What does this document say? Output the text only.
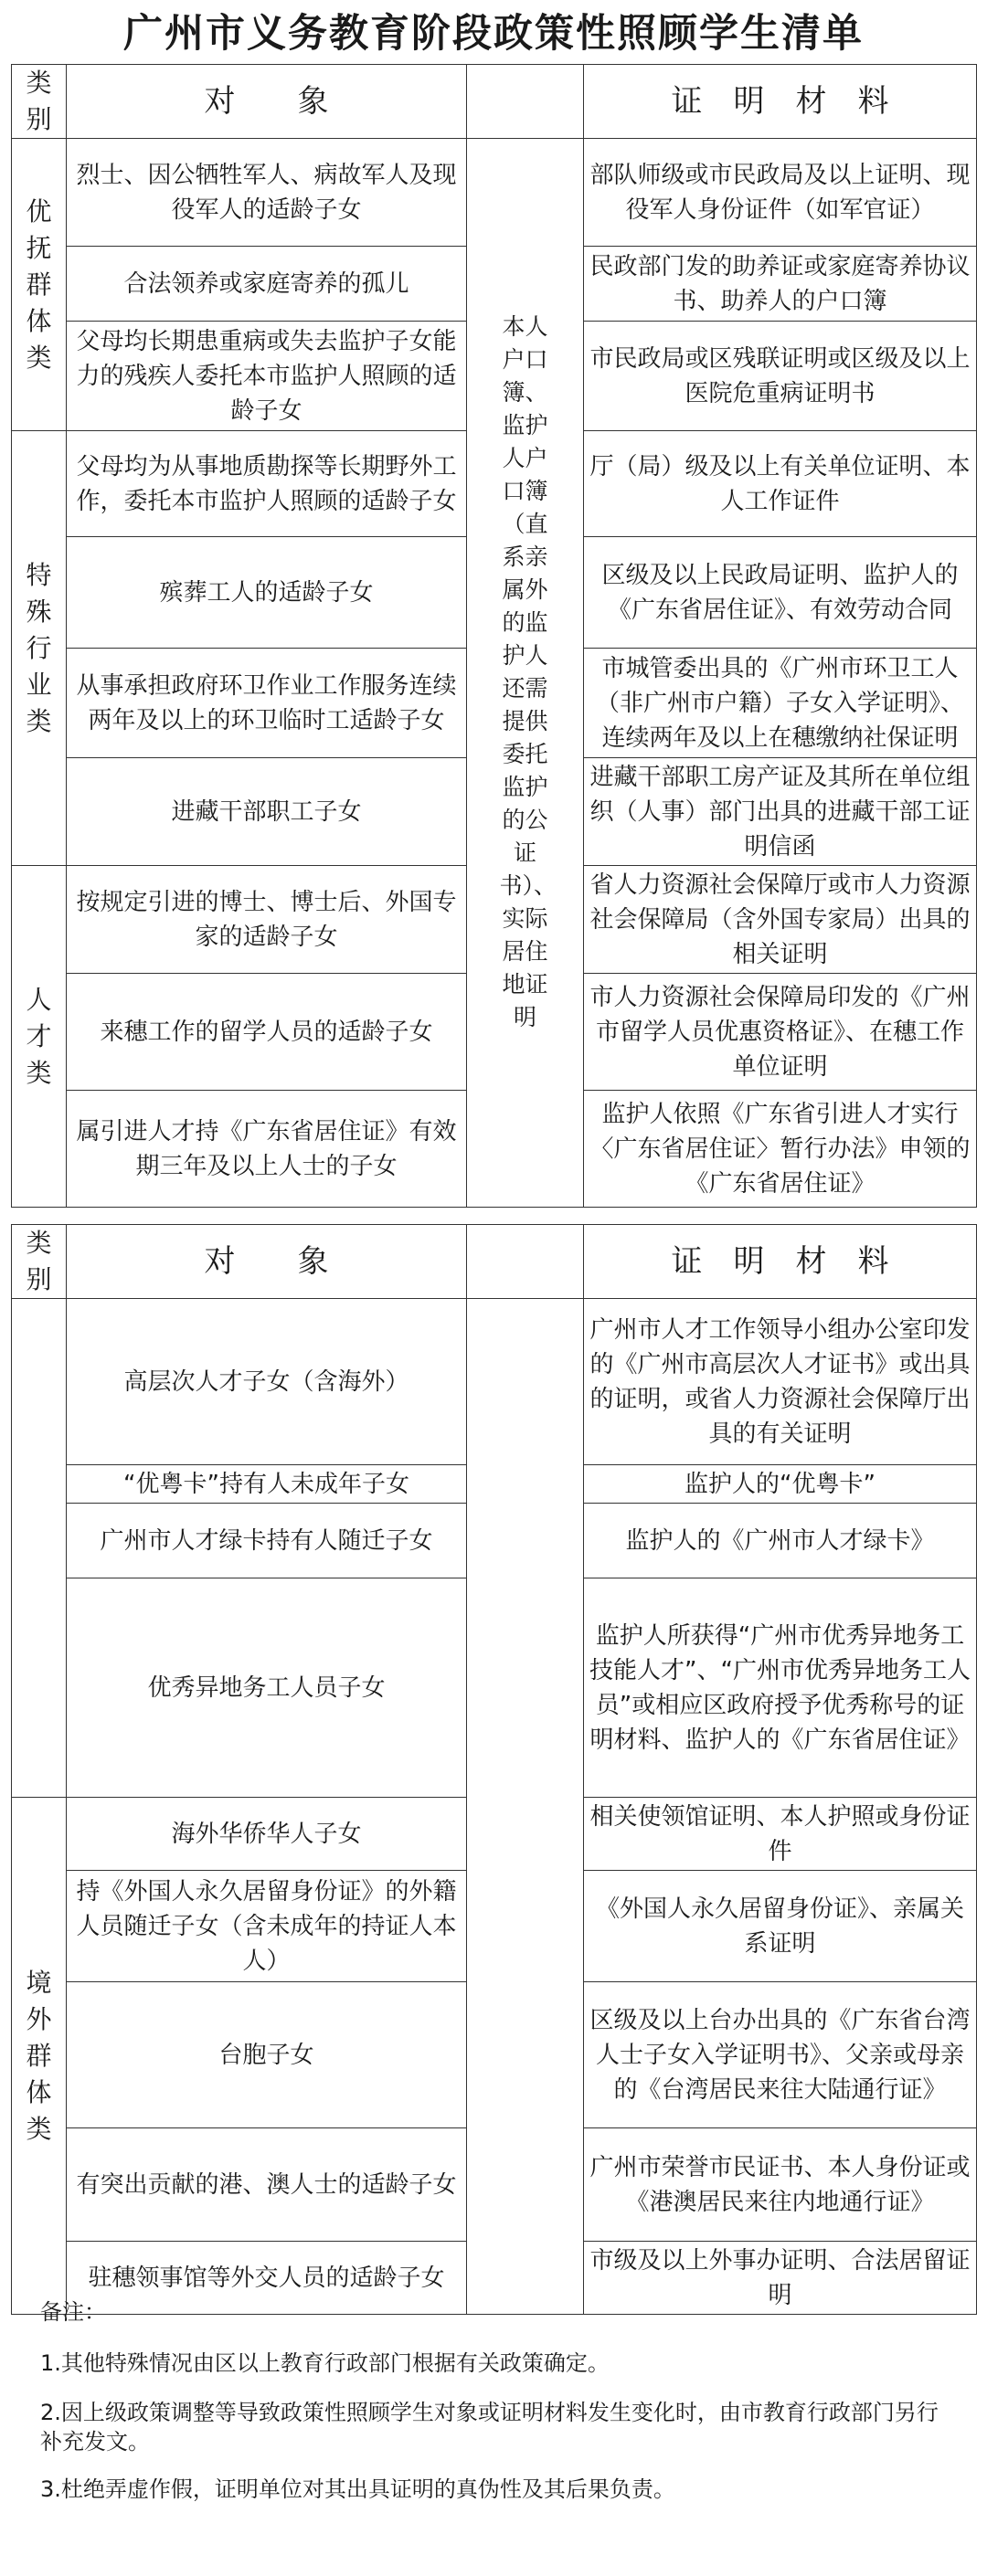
广州市义务教育阶段政策性照顾学生清单
类别	对　　象		证　明　材　料
优抚群体类	烈士、因公牺牲军人、病故军人及现役军人的适龄子女	本人户口簿、监护人户口簿（直系亲属外的监护人还需提供委托监护的公证书）、实际居住地证明	部队师级或市民政局及以上证明、现役军人身份证件（如军官证）
	合法领养或家庭寄养的孤儿		民政部门发的助养证或家庭寄养协议书、助养人的户口簿
	父母均长期患重病或失去监护子女能力的残疾人委托本市监护人照顾的适龄子女		市民政局或区残联证明或区级及以上医院危重病证明书
特殊行业类	父母均为从事地质勘探等长期野外工作，委托本市监护人照顾的适龄子女		厅（局）级及以上有关单位证明、本人工作证件
	殡葬工人的适龄子女		区级及以上民政局证明、监护人的《广东省居住证》、有效劳动合同
	从事承担政府环卫作业工作服务连续两年及以上的环卫临时工适龄子女		市城管委出具的《广州市环卫工人（非广州市户籍）子女入学证明》、连续两年及以上在穗缴纳社保证明
	进藏干部职工子女		进藏干部职工房产证及其所在单位组织（人事）部门出具的进藏干部工证明信函
人才类	按规定引进的博士、博士后、外国专家的适龄子女		省人力资源社会保障厅或市人力资源社会保障局（含外国专家局）出具的相关证明
	来穗工作的留学人员的适龄子女		市人力资源社会保障局印发的《广州市留学人员优惠资格证》、在穗工作单位证明
	属引进人才持《广东省居住证》有效期三年及以上人士的子女		监护人依照《广东省引进人才实行〈广东省居住证〉暂行办法》申领的《广东省居住证》
类别	对　　象		证　明　材　料
	高层次人才子女（含海外）		广州市人才工作领导小组办公室印发的《广州市高层次人才证书》或出具的证明，或省人力资源社会保障厅出具的有关证明
	“优粤卡”持有人未成年子女		监护人的“优粤卡”
	广州市人才绿卡持有人随迁子女		监护人的《广州市人才绿卡》
	优秀异地务工人员子女		监护人所获得“广州市优秀异地务工技能人才”、“广州市优秀异地务工人员”或相应区政府授予优秀称号的证明材料、监护人的《广东省居住证》
境外群体类	海外华侨华人子女		相关使领馆证明、本人护照或身份证件
	持《外国人永久居留身份证》的外籍人员随迁子女（含未成年的持证人本人）		《外国人永久居留身份证》、亲属关系证明
	台胞子女		区级及以上台办出具的《广东省台湾人士子女入学证明书》、父亲或母亲的《台湾居民来往大陆通行证》
	有突出贡献的港、澳人士的适龄子女		广州市荣誉市民证书、本人身份证或《港澳居民来往内地通行证》
	驻穗领事馆等外交人员的适龄子女		市级及以上外事办证明、合法居留证明

备注：

1.其他特殊情况由区以上教育行政部门根据有关政策确定。

2.因上级政策调整等导致政策性照顾学生对象或证明材料发生变化时，由市教育行政部门另行补充发文。

3.杜绝弄虚作假，证明单位对其出具证明的真伪性及其后果负责。
